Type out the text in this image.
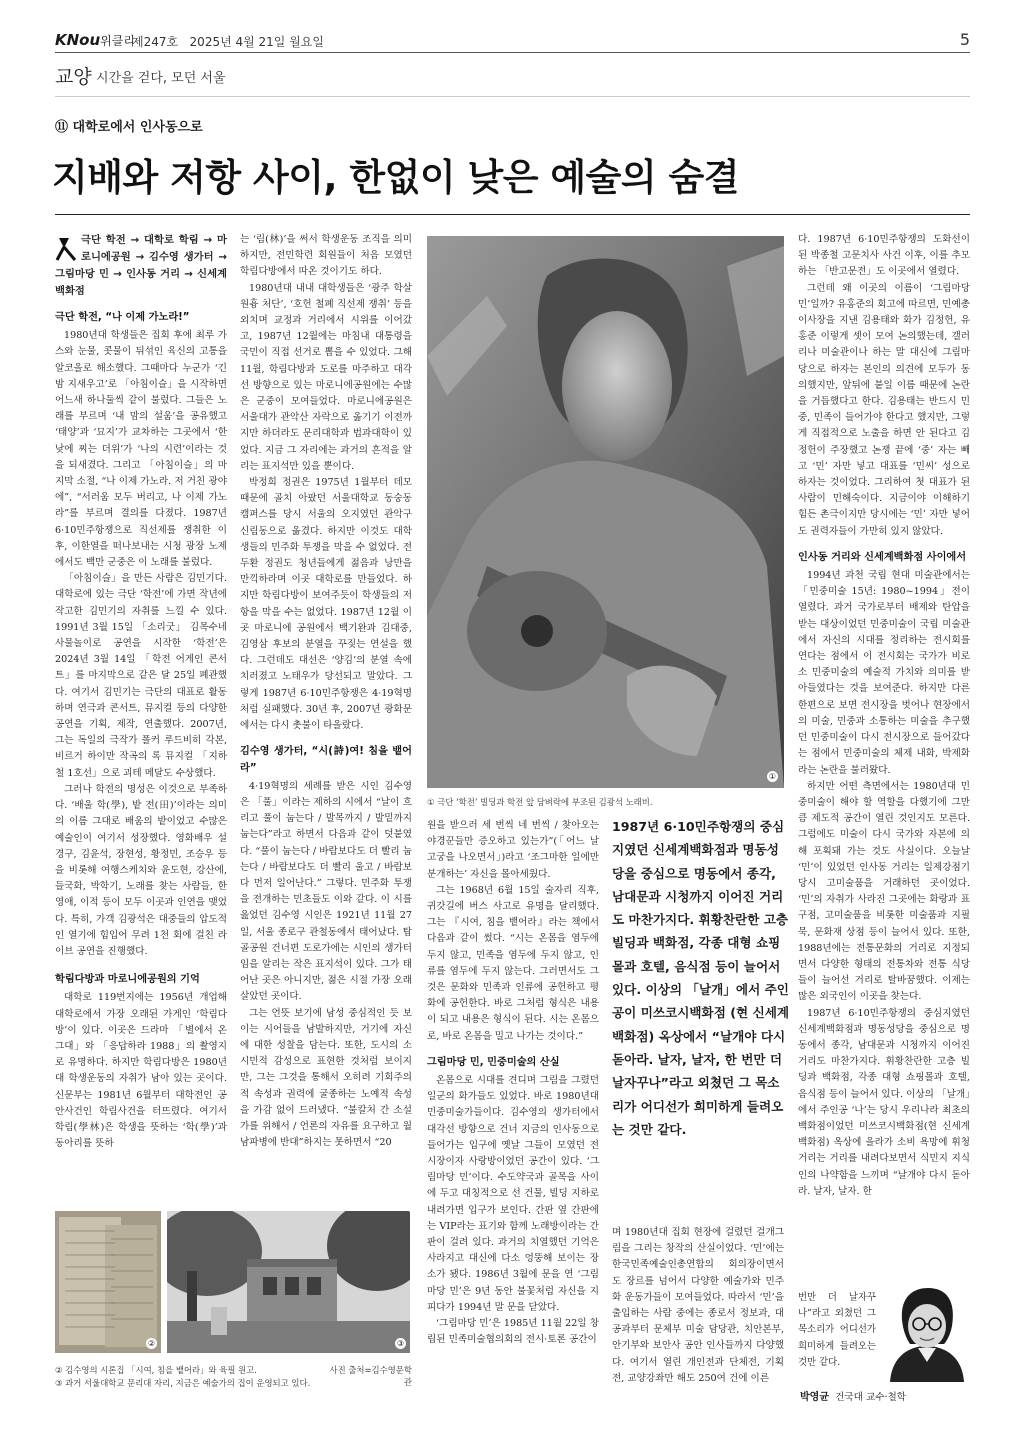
KNou위클리
제247호 2025년 4월 21일 월요일	5
교양 시간을 걷다, 모던 서울
⑪ 대학로에서 인사동으로
지배와 저항 사이, 한없이 낮은 예술의 숨결
극단 학전 → 대학로 학림 → 마로니에공원 → 김수영 생가터 → 그림마당 민 → 인사동 거리 → 신세계백화점
극단 학전, “나 이제 가노라!”

1980년대 학생들은 집회 후에 최루 가스와 눈물, 콧물이 뒤섞인 육신의 고통을 알코올로 해소했다. 그때마다 누군가 ‘긴밤 지새우고’로 「아침이슬」을 시작하면 어느새 하나둘씩 같이 불렀다. 그들은 노래를 부르며 ‘내 맘의 설움’을 공유했고 ‘태양’과 ‘묘지’가 교차하는 그곳에서 ‘한낮에 찌는 더위’가 ‘나의 시련’이라는 것을 되새겼다. 그리고 「아침이슬」의 마지막 소절, “나 이제 가노라. 저 거친 광야에”, “서러움 모두 버리고, 나 이제 가노라”를 부르며 결의를 다졌다. 1987년 6·10민주항쟁으로 직선제를 쟁취한 이후, 이한열을 떠나보내는 시청 광장 노제에서도 백만 군중은 이 노래를 불렀다.

「아침이슬」을 만든 사람은 김민기다. 대학로에 있는 극단 ‘학전’에 가면 작년에 작고한 김민기의 자취를 느낄 수 있다. 1991년 3월 15일 「소리굿」 김목수네 사물놀이로 공연을 시작한 ‘학전’은 2024년 3월 14일 「학전 어게인 콘서트」를 마지막으로 같은 달 25일 폐관했다. 여기서 김민기는 극단의 대표로 활동하며 연극과 콘서트, 뮤지컬 등의 다양한 공연을 기획, 제작, 연출했다. 2007년, 그는 독일의 극작가 폴커 루드비히 각본, 비르거 하이만 작곡의 록 뮤지컬 「지하철 1호선」으로 괴테 메달도 수상했다.

그러나 학전의 명성은 이것으로 부족하다. ‘배울 학(學), 밭 전(田)’이라는 의미의 이름 그대로 배움의 밭이었고 수많은 예술인이 여기서 성장했다. 영화배우 설경구, 김윤석, 장현성, 황정민, 조승우 등을 비롯해 여행스케치와 윤도현, 강산에, 들국화, 박학기, 노래를 찾는 사람들, 한영애, 이적 등이 모두 이곳과 인연을 맺었다. 특히, 가객 김광석은 대중들의 압도적인 열기에 힘입어 무려 1천 회에 걸친 라이브 공연을 진행했다.

학림다방과 마로니에공원의 기억

대학로 119번지에는 1956년 개업해 대학로에서 가장 오래된 가게인 ‘학림다방’이 있다. 이곳은 드라마 「별에서 온 그대」와 「응답하라 1988」의 촬영지로 유명하다. 하지만 학림다방은 1980년대 학생운동의 자취가 남아 있는 곳이다. 신문부는 1981년 6월부터 대학전인 공안사건인 학림사건을 터뜨렸다. 여기서 학림(學林)은 학생을 뜻하는 ‘학(學)’과 동아리를 뜻하

는 ‘림(林)’을 써서 학생운동 조직을 의미하지만, 전민학련 회원들이 처음 모였던 학림다방에서 따온 것이기도 하다.

1980년대 내내 대학생들은 ‘광주 학살 원흉 처단’, ‘호헌 철폐 직선제 쟁취’ 등을 외치며 교정과 거리에서 시위를 이어갔고, 1987년 12월에는 마침내 대통령을 국민이 직접 선거로 뽑을 수 있었다. 그해 11월, 학림다방과 도로를 마주하고 대각선 방향으로 있는 마로니에공원에는 수많은 군중이 모여들었다. 마로니에공원은 서울대가 관악산 자락으로 옮기기 이전까지만 하더라도 문리대학과 법과대학이 있었다. 지금 그 자리에는 과거의 흔적을 알리는 표지석만 있을 뿐이다.

박정희 정권은 1975년 1월부터 데모 때문에 골치 아팠던 서울대학교 동숭동 캠퍼스를 당시 서울의 오지였던 관악구 신림동으로 옮겼다. 하지만 이것도 대학생들의 민주화 투쟁을 막을 수 없었다. 전두환 정권도 청년들에게 젊음과 낭만을 만끽하라며 이곳 대학로를 만들었다. 하지만 학림다방이 보여주듯이 학생들의 저항을 막을 수는 없었다. 1987년 12월 이곳 마로니에 공원에서 백기완과 김대중, 김영삼 후보의 분열을 꾸짖는 연설을 했다. 그런데도 대선은 ‘양김’의 분열 속에 치러졌고 노태우가 당선되고 말았다. 그렇게 1987년 6·10민주항쟁은 4·19혁명처럼 실패했다. 30년 후, 2007년 광화문에서는 다시 촛불이 타올랐다.

김수영 생가터, “시(詩)여! 침을 뱉어라”

4·19혁명의 세례를 받은 시인 김수영은 「풀」이라는 제하의 시에서 “날이 흐리고 풀이 눕는다 / 발목까지 / 발밑까지 눕는다”라고 하면서 다음과 같이 덧붙였다. “풀이 눕는다 / 바람보다도 더 빨리 눕는다 / 바람보다도 더 빨리 울고 / 바람보다 먼저 일어난다.” 그렇다. 민주화 투쟁을 전개하는 민초들도 이와 같다. 이 시를 읊었던 김수영 시인은 1921년 11월 27일, 서울 종로구 관철동에서 태어났다. 탑골공원 건너편 도로가에는 시인의 생가터임을 알리는 작은 표지석이 있다. 그가 태어난 곳은 아니지만, 젊은 시절 가장 오래 살았던 곳이다.

그는 언뜻 보기에 남성 중심적인 듯 보이는 시어들을 남발하지만, 거기에 자신에 대한 성찰을 담는다. 또한, 도시의 소시민적 감성으로 표현한 것처럼 보이지만, 그는 그것을 통해서 오히려 기회주의적 속성과 권력에 굴종하는 노예적 속성을 가감 없이 드러냈다. “불칼처 간 소설가를 위해서 / 언론의 자유를 요구하고 월남파병에 반대”하지는 못하면서 “20

①
① 극단 ‘학전’ 빌딩과 학전 앞 담벼락에 부조된 김광석 노래비.
1987년 6·10민주항쟁의 중심지였던 신세계백화점과 명동성당을 중심으로 명동에서 종각, 남대문과 시청까지 이어진 거리도 마찬가지다. 휘황찬란한 고층 빌딩과 백화점, 각종 대형 쇼핑몰과 호텔, 음식점 등이 늘어서 있다. 이상의 「날개」에서 주인공이 미쓰코시백화점 (현 신세계백화점) 옥상에서 “날개야 다시 돋아라. 날자, 날자, 한 번만 더 날자꾸나”라고 외쳤던 그 목소리가 어디선가 희미하게 들려오는 것만 같다.

원을 받으러 세 번씩 네 번씩 / 찾아오는 야경꾼들만 증오하고 있는가”(「어느 날 고궁을 나오면서」)라고 ‘조그마한 일에만 분개하는’ 자신을 몰아세웠다.

그는 1968년 6월 15일 술자리 직후, 귀갓길에 버스 사고로 유명을 달리했다. 그는 『시여, 침을 뱉어라』라는 책에서 다음과 같이 썼다. “시는 온몸을 염두에 두지 않고, 민족을 염두에 두지 않고, 인류를 염두에 두지 않는다. 그러면서도 그것은 문화와 민족과 인류에 공헌하고 평화에 공헌한다. 바로 그처럼 형식은 내용이 되고 내용은 형식이 된다. 시는 온몸으로, 바로 온몸을 밀고 나가는 것이다.”

그림마당 민, 민중미술의 산실

온몸으로 시대를 견디며 그림을 그렸던 일군의 화가들도 있었다. 바로 1980년대 민중미술가들이다. 김수영의 생가터에서 대각선 방향으로 건너 지금의 인사동으로 들어가는 입구에 옛날 그들이 모였던 전시장이자 사랑방이었던 공간이 있다. ‘그림마당 민’이다. 수도약국과 골목을 사이에 두고 대칭적으로 선 건물, 빌딩 지하로 내려가면 입구가 보인다. 간판 옆 간판에는 VIP라는 표기와 함께 노래방이라는 간판이 걸려 있다. 과거의 치열했던 기억은 사라지고 대신에 다소 엉뚱해 보이는 장소가 됐다. 1986년 3월에 문을 연 ‘그림마당 민’은 9년 동안 불꽃처럼 자신을 지피다가 1994년 말 문을 닫았다.

‘그림마당 민’은 1985년 11월 22일 창립된 민족미술협의회의 전시·토론 공간이

며 1980년대 집회 현장에 걸렸던 걸개그림을 그리는 창작의 산실이었다. ‘민’에는 한국민족예술인총연합의 회의장이면서 도 장르를 넘어서 다양한 예술가와 민주화 운동가들이 모여들었다. 따라서 ‘민’을 출입하는 사람 중에는 종로서 정보과, 대공과부터 문체부 미술 담당관, 치안본부, 안기부와 보안사 공안 인사들까지 다양했다. 여기서 열린 개인전과 단체전, 기획전, 교양강좌만 해도 250여 건에 이른

다. 1987년 6·10민주항쟁의 도화선이 된 박종철 고문치사 사건 이후, 이를 추모하는 「반고문전」도 이곳에서 열렸다.

그런데 왜 이곳의 이름이 ‘그림마당 민’일까? 유홍준의 회고에 따르면, 민예총 이사장을 지낸 김용태와 화가 김정헌, 유홍준 이렇게 셋이 모여 논의했는데, 갤러리나 미술관이나 하는 말 대신에 그림마당으로 하자는 본인의 의견에 모두가 동의했지만, 앞뒤에 붙일 이름 때문에 논란을 거듭했다고 한다. 김용태는 반드시 민중, 민족이 들어가야 한다고 했지만, 그렇게 직접적으로 노출을 하면 안 된다고 김정헌이 주장했고 논쟁 끝에 ‘중’ 자는 빼고 ‘민’ 자만 넣고 대표를 ‘민씨’ 성으로 하자는 것이었다. 그리하여 첫 대표가 된 사람이 민해숙이다. 지금이야 이해하기 힘든 촌극이지만 당시에는 ‘민’ 자만 넣어도 권력자들이 가만히 있지 않았다.

인사동 거리와 신세계백화점 사이에서

1994년 과천 국립 현대 미술관에서는 「민중미술 15년: 1980~1994」전이 열렸다. 과거 국가로부터 배제와 탄압을 받는 대상이었던 민중미술이 국립 미술관에서 자신의 시대를 정리하는 전시회를 연다는 점에서 이 전시회는 국가가 비로소 민중미술의 예술적 가치와 의미를 받아들였다는 것을 보여준다. 하지만 다른 한편으로 보면 전시장을 벗어나 현장에서의 미술, 민중과 소통하는 미술을 추구했던 민중미술이 다시 전시장으로 들어갔다는 점에서 민중미술의 체제 내화, 박제화라는 논란을 불러왔다.

하지만 어떤 측면에서는 1980년대 민중미술이 해야 할 역할을 다했기에 그만큼 제도적 공간이 열린 것인지도 모른다. 그럼에도 미술이 다시 국가와 자본에 의해 포획돼 가는 것도 사실이다. 오늘날 ‘민’이 있었던 인사동 거리는 일제강점기 당시 고미술품을 거래하던 곳이었다. ‘민’의 자취가 사라진 그곳에는 화랑과 표구점, 고미술품을 비롯한 미술품과 지필묵, 문화재 상점 등이 늘어서 있다. 또한, 1988년에는 전통문화의 거리로 지정되면서 다양한 형태의 전통차와 전통 식당들이 늘어선 거리로 탈바꿈했다. 이제는 많은 외국인이 이곳을 찾는다.

1987년 6·10민주항쟁의 중심지였던 신세계백화점과 명동성당을 중심으로 명동에서 종각, 남대문과 시청까지 이어진 거리도 마찬가지다. 휘황찬란한 고층 빌딩과 백화점, 각종 대형 쇼핑몰과 호텔, 음식점 등이 늘어서 있다. 이상의 「날개」에서 주인공 ‘나’는 당시 우리나라 최초의 백화점이었던 미쓰코시백화점(현 신세계백화점) 옥상에 올라가 소비 욕망에 휘청거리는 거리를 내려다보면서 식민지 지식인의 나약함을 느끼며 “날개야 다시 돋아라. 날자, 날자. 한

번만 더 날자꾸나”라고 외쳤던 그 목소리가 어디선가 희미하게 들려오는 것만 같다.

박영균 건국대 교수·철학
②	③
② 김수영의 시론집 「시여, 침을 뱉어라」와 육필 원고.	사진 출처=김수영문학관
③ 과거 서울대학교 문리대 자리, 지금은 예술가의 집이 운영되고 있다.
